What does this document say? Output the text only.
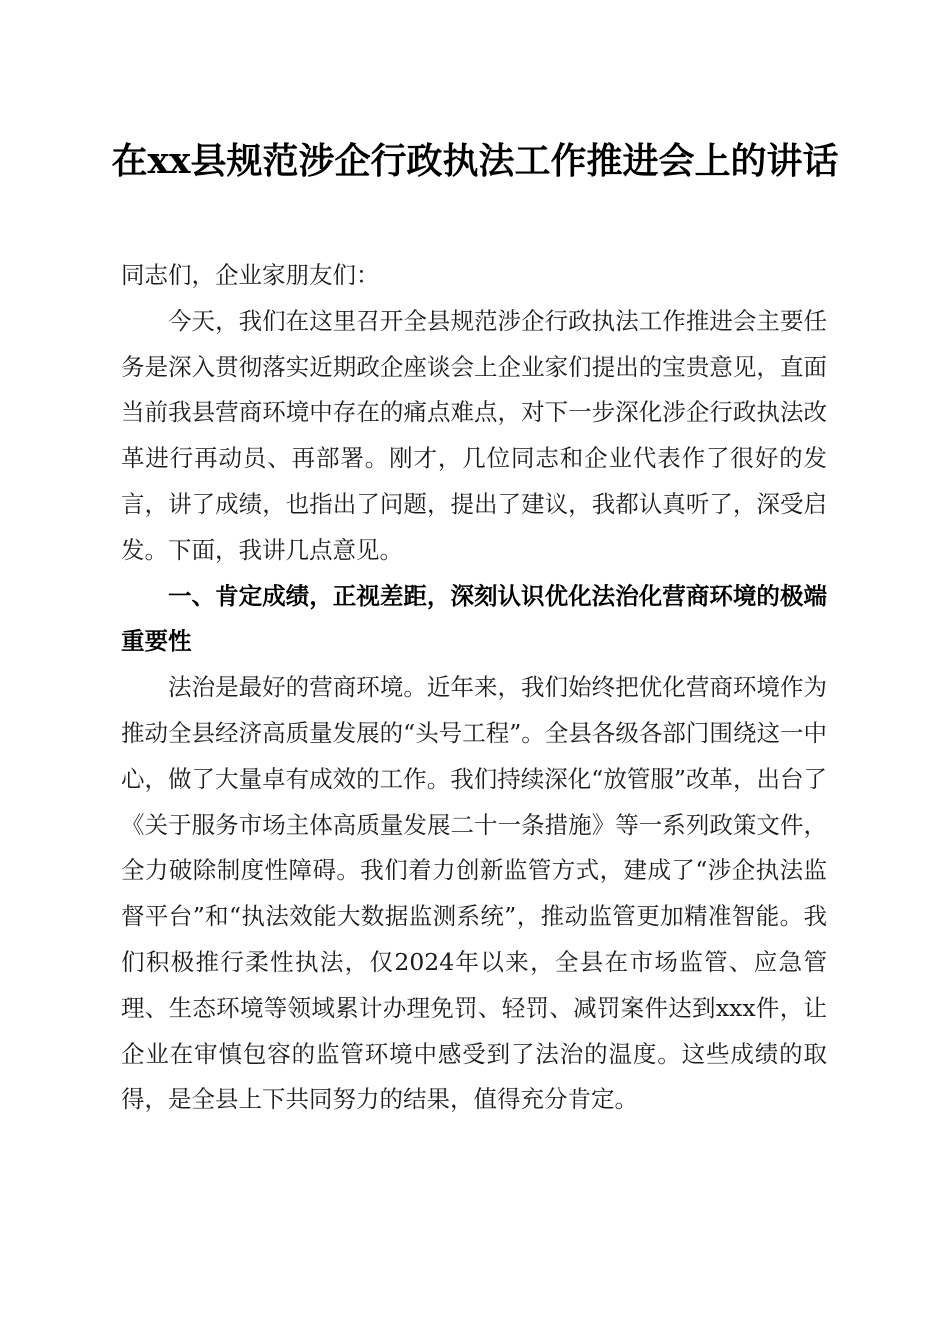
在xx县规范涉企行政执法工作推进会上的讲话

同志们，企业家朋友们：

今天，我们在这里召开全县规范涉企行政执法工作推进会主要任务是深入贯彻落实近期政企座谈会上企业家们提出的宝贵意见，直面当前我县营商环境中存在的痛点难点，对下一步深化涉企行政执法改革进行再动员、再部署。刚才，几位同志和企业代表作了很好的发言，讲了成绩，也指出了问题，提出了建议，我都认真听了，深受启发。下面，我讲几点意见。

一、肯定成绩，正视差距，深刻认识优化法治化营商环境的极端重要性

法治是最好的营商环境。近年来，我们始终把优化营商环境作为推动全县经济高质量发展的“头号工程”。全县各级各部门围绕这一中心，做了大量卓有成效的工作。我们持续深化“放管服”改革，出台了《关于服务市场主体高质量发展二十一条措施》等一系列政策文件，全力破除制度性障碍。我们着力创新监管方式，建成了“涉企执法监督平台”和“执法效能大数据监测系统”，推动监管更加精准智能。我们积极推行柔性执法，仅2024年以来，全县在市场监管、应急管理、生态环境等领域累计办理免罚、轻罚、减罚案件达到xxx件，让企业在审慎包容的监管环境中感受到了法治的温度。这些成绩的取得，是全县上下共同努力的结果，值得充分肯定。
